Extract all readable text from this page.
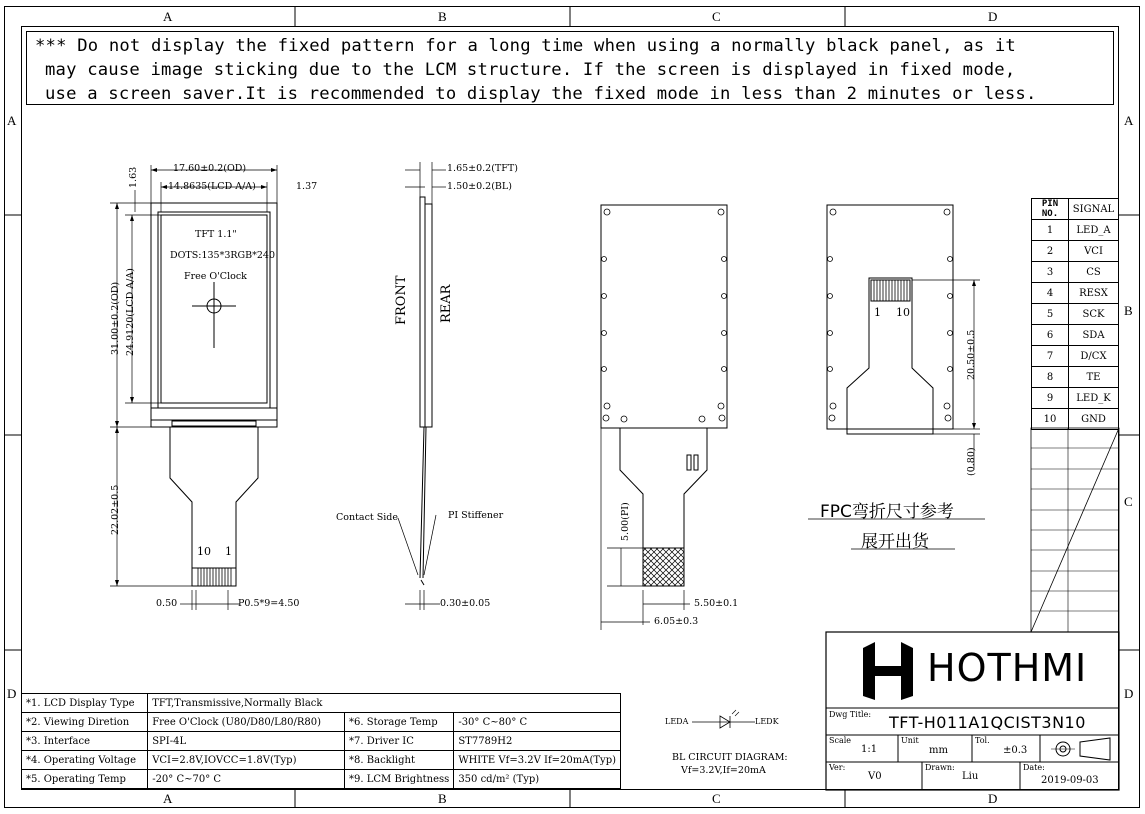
A	B	C	D
A	B	C	D
A
D
A
B
C
D
*** Do not display the fixed pattern for a long time when using a normally black panel, as it
may cause image sticking due to the LCM structure. If the screen is displayed in fixed mode,
use a screen saver.It is recommended to display the fixed mode in less than 2 minutes or less.
17.60±0.2(OD)
14.8635(LCD A/A)	1.37
1.63
31.00±0.2(OD) 24.9120(LCD A/A)
22.02±0.5
0.50	P0.5*9=4.50
TFT 1.1"
DOTS:135*3RGB*240
Free O'Clock
10 1
1.65±0.2(TFT)
1.50±0.2(BL)
FRONT REAR
Contact Side	PI Stiffener
0.30±0.05
5.00(PI)
5.50±0.1
6.05±0.3
1 10
20.50±0.5
(0.80)
FPC弯折尺寸参考
展开出货
PIN NO.	SIGNAL
1	LED_A
2	VCI
3	CS
4	RESX
5	SCK
6	SDA
7	D/CX
8	TE
9	LED_K
10	GND
*1. LCD Display Type	TFT,Transmissive,Normally Black		
*2. Viewing Diretion	Free O'Clock (U80/D80/L80/R80)	*6. Storage Temp	-30° C~80° C
*3. Interface	SPI-4L	*7. Driver IC	ST7789H2
*4. Operating Voltage	VCI=2.8V,IOVCC=1.8V(Typ)	*8. Backlight	WHITE Vf=3.2V If=20mA(Typ)
*5. Operating Temp	-20° C~70° C	*9. LCM Brightness	350 cd/m² (Typ)
LEDA	LEDK
BL CIRCUIT DIAGRAM:
Vf=3.2V,If=20mA
HOTHMI
Dwg Title: TFT-H011A1QCIST3N10
Scale
1:1
Unit
mm
Tol.
±0.3
Ver:
V0
Drawn:
Liu
Date:
2019-09-03
